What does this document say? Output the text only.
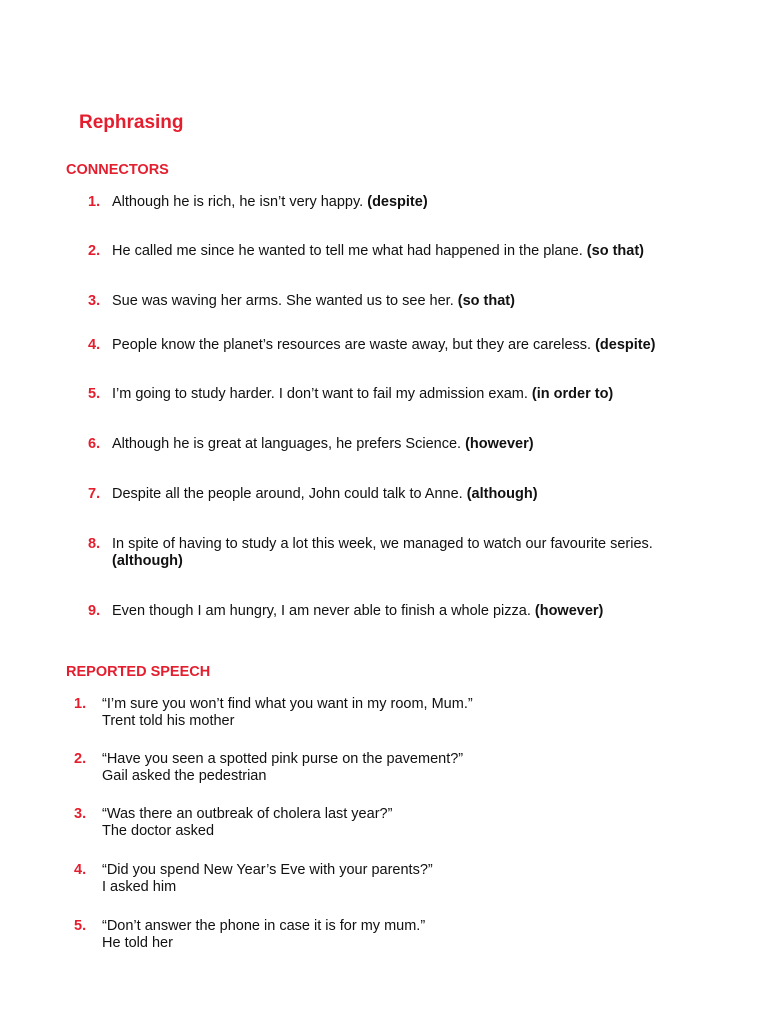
Rephrasing
CONNECTORS
1. Although he is rich, he isn’t very happy. (despite)
2. He called me since he wanted to tell me what had happened in the plane. (so that)
3. Sue was waving her arms. She wanted us to see her. (so that)
4. People know the planet’s resources are waste away, but they are careless. (despite)
5. I’m going to study harder. I don’t want to fail my admission exam. (in order to)
6. Although he is great at languages, he prefers Science. (however)
7. Despite all the people around, John could talk to Anne. (although)
8. In spite of having to study a lot this week, we managed to watch our favourite series.
(although)
9. Even though I am hungry, I am never able to finish a whole pizza. (however)
REPORTED SPEECH
1. “I’m sure you won’t find what you want in my room, Mum.”
Trent told his mother
2. “Have you seen a spotted pink purse on the pavement?”
Gail asked the pedestrian
3. “Was there an outbreak of cholera last year?”
The doctor asked
4. “Did you spend New Year’s Eve with your parents?”
I asked him
5. “Don’t answer the phone in case it is for my mum.”
He told her
